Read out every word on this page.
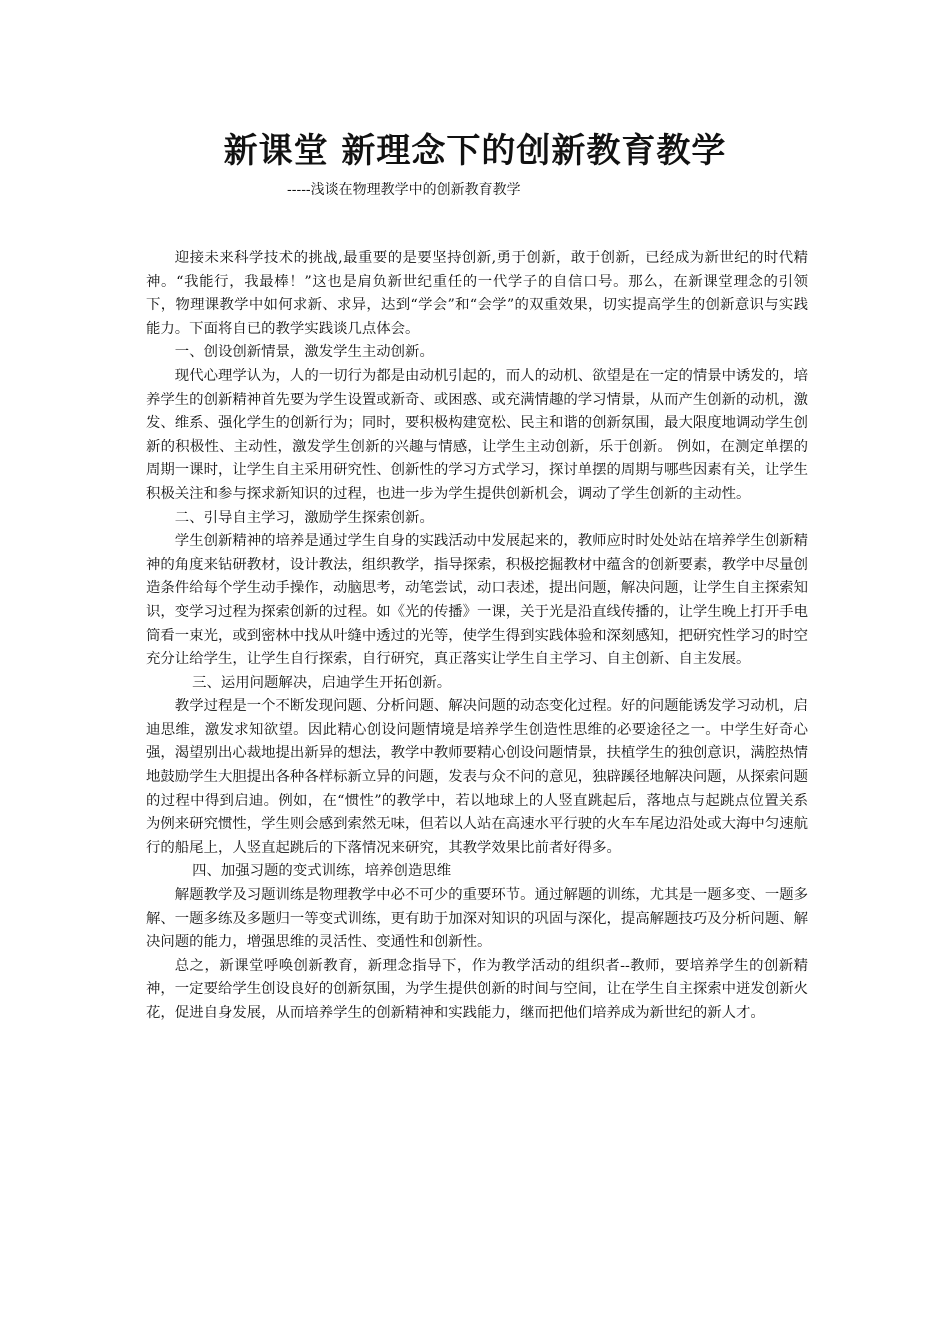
新课堂 新理念下的创新教育教学
-----浅谈在物理教学中的创新教育教学

迎接未来科学技术的挑战,最重要的是要坚持创新,勇于创新，敢于创新，已经成为新世纪的时代精神。“我能行，我最棒！”这也是肩负新世纪重任的一代学子的自信口号。那么，在新课堂理念的引领下，物理课教学中如何求新、求异，达到“学会”和“会学”的双重效果，切实提高学生的创新意识与实践能力。下面将自已的教学实践谈几点体会。

一、创设创新情景，激发学生主动创新。

现代心理学认为，人的一切行为都是由动机引起的，而人的动机、欲望是在一定的情景中诱发的，培养学生的创新精神首先要为学生设置或新奇、或困惑、或充满情趣的学习情景，从而产生创新的动机，激发、维系、强化学生的创新行为；同时，要积极构建宽松、民主和谐的创新氛围，最大限度地调动学生创新的积极性、主动性，激发学生创新的兴趣与情感，让学生主动创新，乐于创新。 例如，在测定单摆的周期一课时，让学生自主采用研究性、创新性的学习方式学习，探讨单摆的周期与哪些因素有关，让学生积极关注和参与探求新知识的过程，也进一步为学生提供创新机会，调动了学生创新的主动性。

二、引导自主学习，激励学生探索创新。

学生创新精神的培养是通过学生自身的实践活动中发展起来的，教师应时时处处站在培养学生创新精神的角度来钻研教材，设计教法，组织教学，指导探索，积极挖掘教材中蕴含的创新要素，教学中尽量创造条件给每个学生动手操作，动脑思考，动笔尝试，动口表述，提出问题，解决问题，让学生自主探索知识，变学习过程为探索创新的过程。如《光的传播》一课，关于光是沿直线传播的，让学生晚上打开手电筒看一束光，或到密林中找从叶缝中透过的光等，使学生得到实践体验和深刻感知，把研究性学习的时空充分让给学生，让学生自行探索，自行研究，真正落实让学生自主学习、自主创新、自主发展。

三、运用问题解决，启迪学生开拓创新。

教学过程是一个不断发现问题、分析问题、解决问题的动态变化过程。好的问题能诱发学习动机，启迪思维，激发求知欲望。因此精心创设问题情境是培养学生创造性思维的必要途径之一。中学生好奇心强，渴望别出心裁地提出新异的想法，教学中教师要精心创设问题情景，扶植学生的独创意识，满腔热情地鼓励学生大胆提出各种各样标新立异的问题，发表与众不问的意见，独辟蹊径地解决问题，从探索问题的过程中得到启迪。例如，在“惯性”的教学中，若以地球上的人竖直跳起后，落地点与起跳点位置关系为例来研究惯性，学生则会感到索然无味，但若以人站在高速水平行驶的火车车尾边沿处或大海中匀速航行的船尾上，人竖直起跳后的下落情况来研究，其教学效果比前者好得多。

四、加强习题的变式训练，培养创造思维

解题教学及习题训练是物理教学中必不可少的重要环节。通过解题的训练，尤其是一题多变、一题多解、一题多练及多题归一等变式训练，更有助于加深对知识的巩固与深化，提高解题技巧及分析问题、解决问题的能力，增强思维的灵活性、变通性和创新性。

总之，新课堂呼唤创新教育，新理念指导下，作为教学活动的组织者--教师，要培养学生的创新精神，一定要给学生创设良好的创新氛围，为学生提供创新的时间与空间，让在学生自主探索中迸发创新火花，促进自身发展，从而培养学生的创新精神和实践能力，继而把他们培养成为新世纪的新人才。
